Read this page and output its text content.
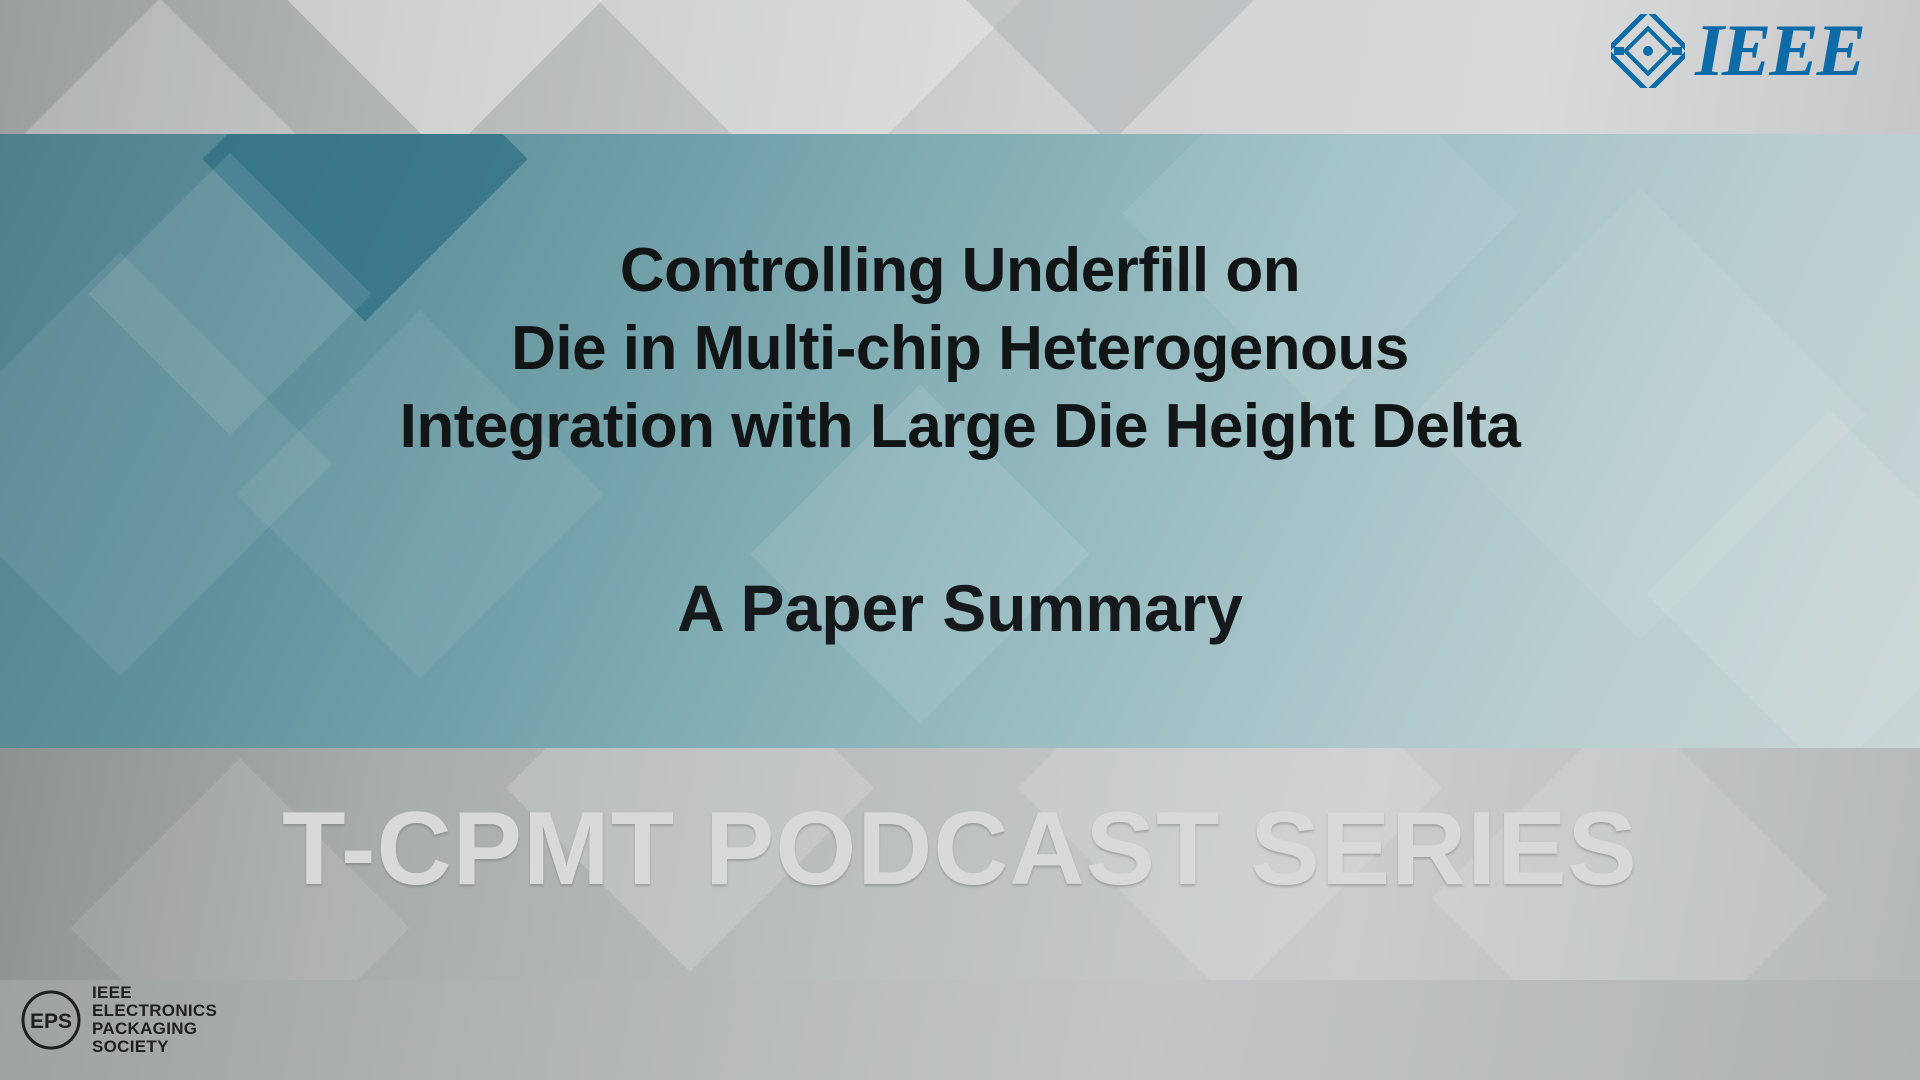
Controlling Underfill on
Die in Multi-chip Heterogenous
Integration with Large Die Height Delta
A Paper Summary
T-CPMT PODCAST SERIES
IEEE
EPS
IEEE
ELECTRONICS
PACKAGING
SOCIETY
